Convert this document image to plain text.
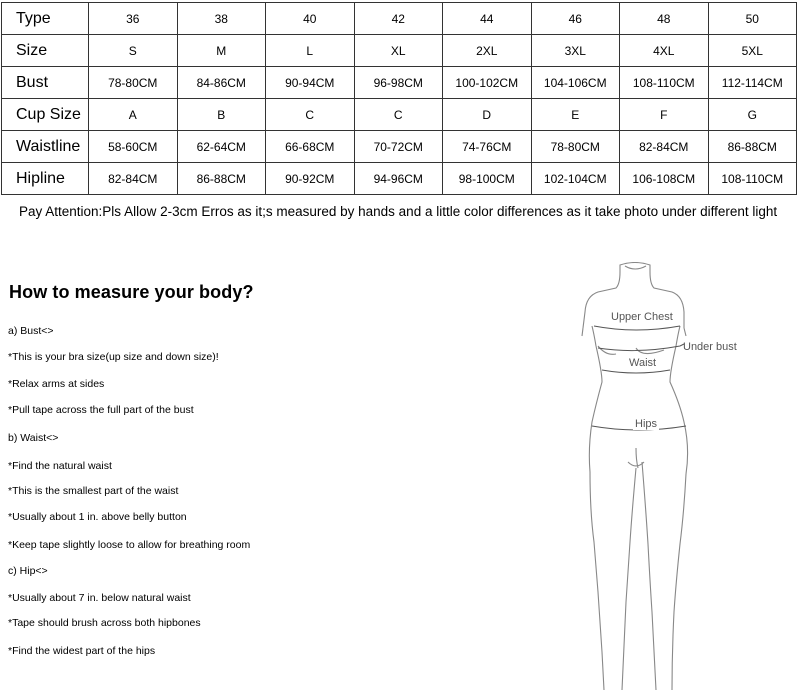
Type	36	38	40	42	44	46	48	50
Size	S	M	L	XL	2XL	3XL	4XL	5XL
Bust	78-80CM	84-86CM	90-94CM	96-98CM	100-102CM	104-106CM	108-110CM	112-114CM
Cup Size	A	B	C	C	D	E	F	G
Waistline	58-60CM	62-64CM	66-68CM	70-72CM	74-76CM	78-80CM	82-84CM	86-88CM
Hipline	82-84CM	86-88CM	90-92CM	94-96CM	98-100CM	102-104CM	106-108CM	108-110CM
Pay Attention:Pls Allow 2-3cm Erros as it;s measured by hands and a little color differences as it take photo under different light
How to measure your body?
a) Bust<>
*This is your bra size(up size and down size)!
*Relax arms at sides
*Pull tape across the full part of the bust
b) Waist<>
*Find the natural waist
*This is the smallest part of the waist
*Usually about 1 in. above belly button
*Keep tape slightly loose to allow for breathing room
c) Hip<>
*Usually about 7 in. below natural waist
*Tape should brush across both hipbones
*Find the widest part of the hips
Upper Chest
Under bust
Waist
Hips
